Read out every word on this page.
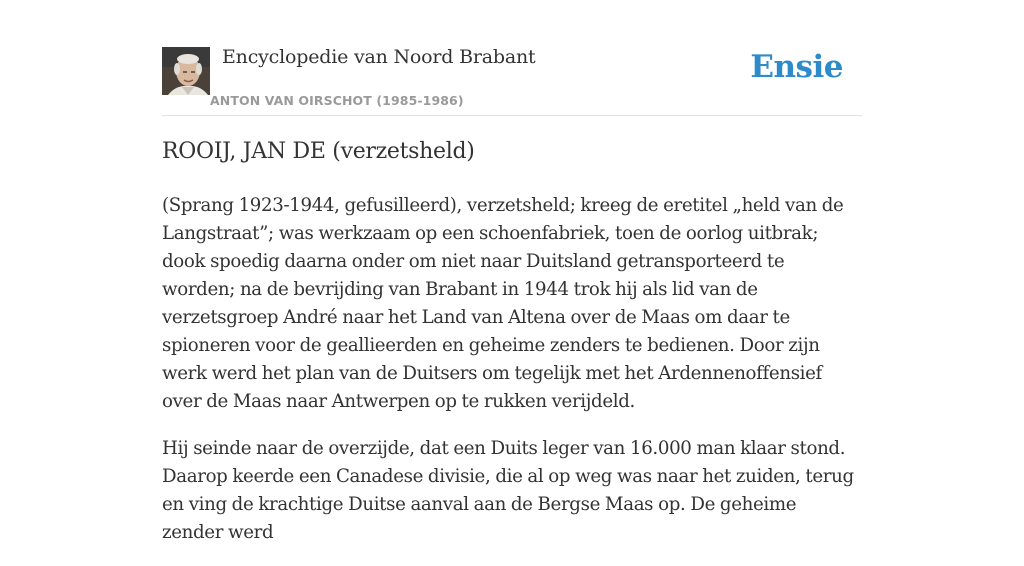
Encyclopedie van Noord Brabant
ANTON VAN OIRSCHOT (1985-1986)
Ensie
ROOIJ, JAN DE (verzetsheld)

(Sprang 1923-1944, gefusilleerd), verzetsheld; kreeg de eretitel „held van de Langstraat”; was werkzaam op een schoenfabriek, toen de oorlog uitbrak; dook spoedig daarna onder om niet naar Duitsland getransporteerd te worden; na de bevrijding van Brabant in 1944 trok hij als lid van de verzetsgroep André naar het Land van Altena over de Maas om daar te spioneren voor de geallieerden en geheime zenders te bedienen. Door zijn werk werd het plan van de Duitsers om tegelijk met het Ardennenoffensief over de Maas naar Antwerpen op te rukken verijdeld.

Hij seinde naar de overzijde, dat een Duits leger van 16.000 man klaar stond. Daarop keerde een Canadese divisie, die al op weg was naar het zuiden, terug en ving de krachtige Duitse aanval aan de Bergse Maas op. De geheime zender werd
